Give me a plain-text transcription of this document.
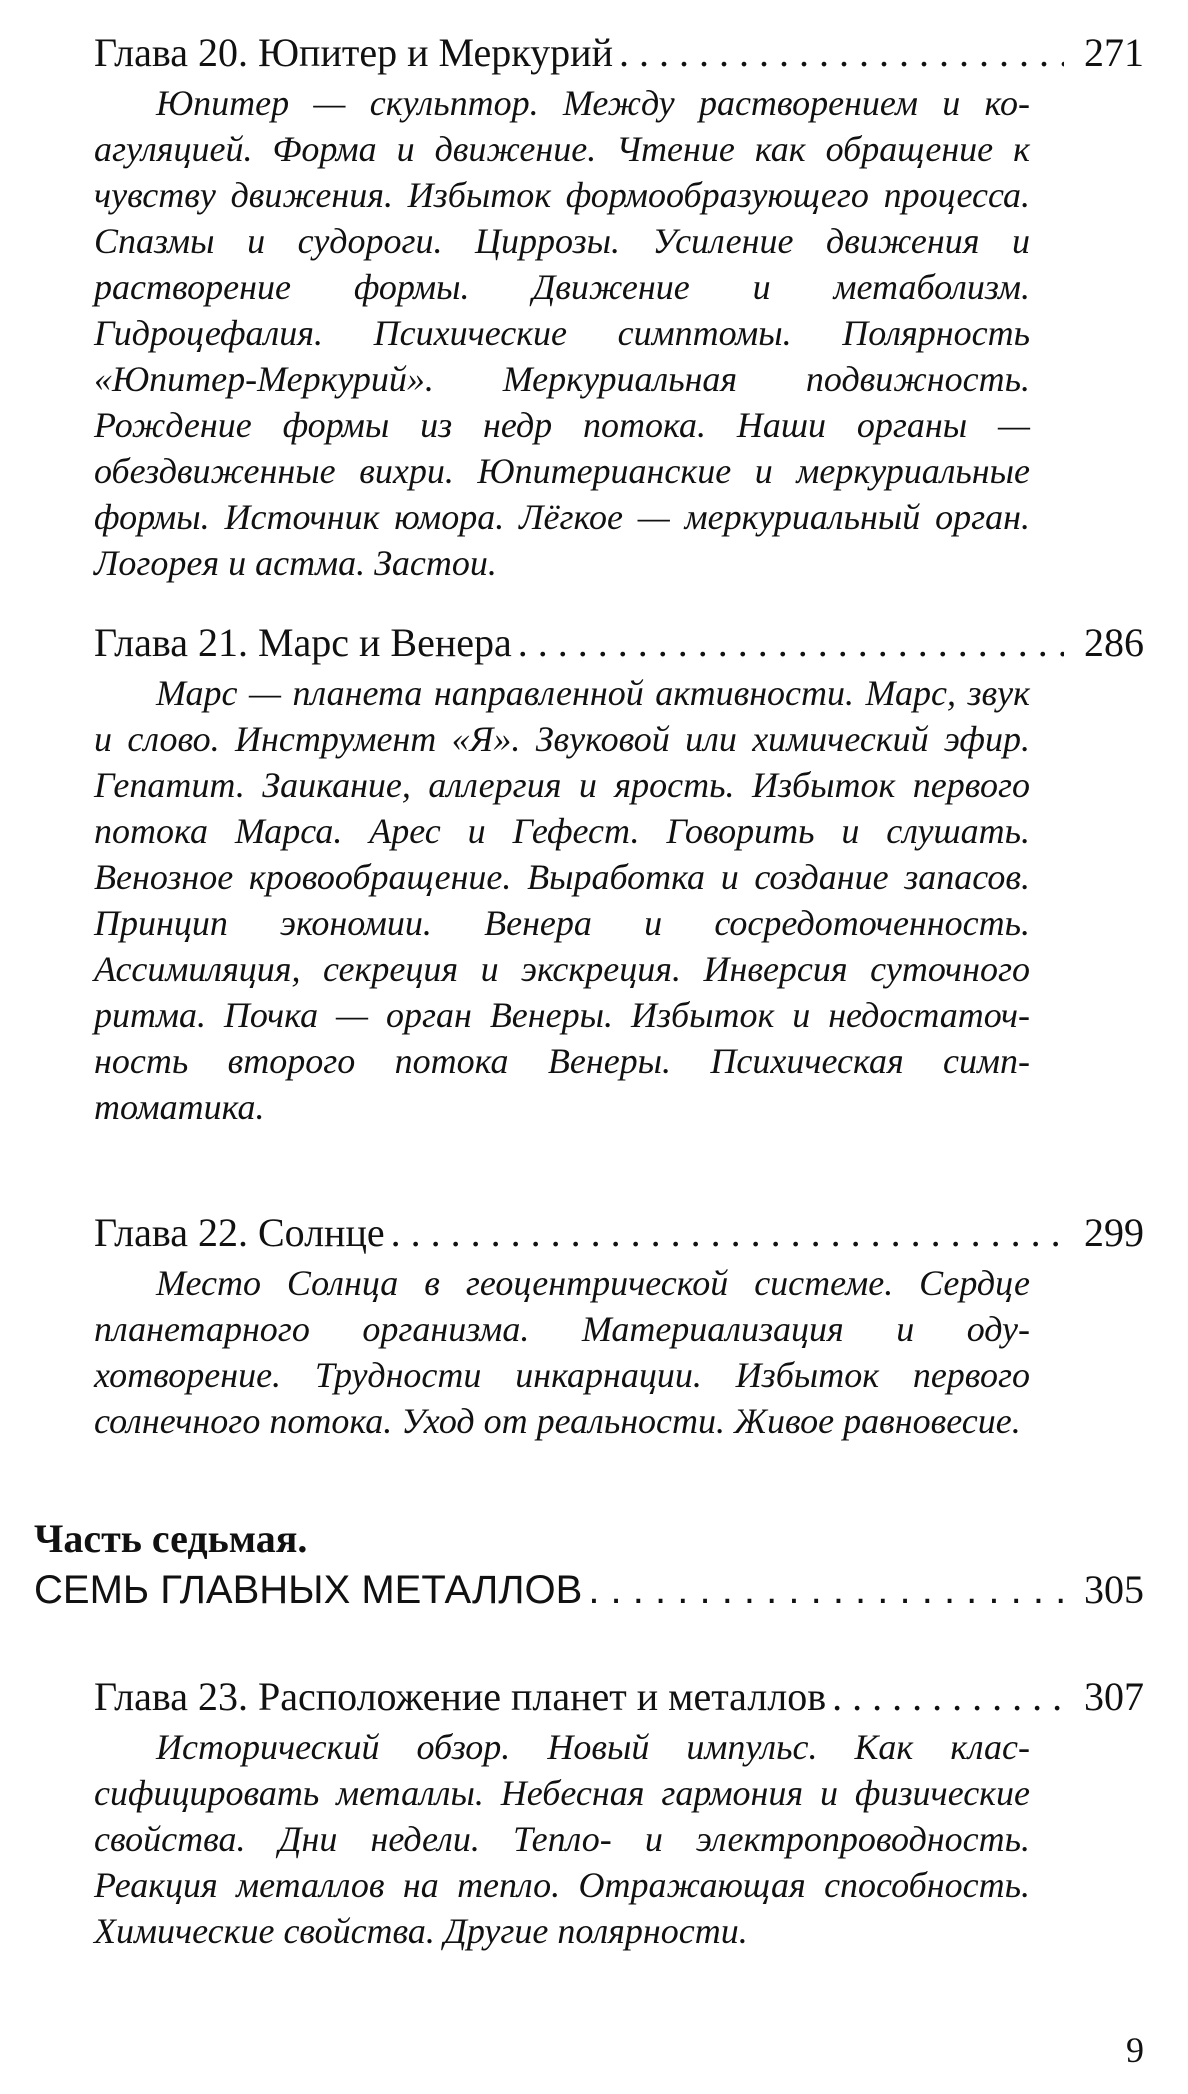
Глава 20. Юпитер и Меркурий . . .	271

Юпитер — скульптор. Между растворением и коагуляцией. Форма и движение. Чтение как обращение к чувству движения. Избыток формообразующего процесса. Спазмы и судороги. Циррозы. Усиление движения и растворение формы. Движение и метаболизм. Гидроцефалия. Психические симптомы. Полярность «Юпитер-Меркурий». Меркуриальная подвижность. Рождение формы из недр потока. Наши органы — обездвиженные вихри. Юпитерианские и меркуриальные формы. Источник юмора. Лёгкое — меркуриальный орган. Логорея и астма. Застои.

Глава 21. Марс и Венера . . .	286

Марс — планета направленной активности. Марс, звук и слово. Инструмент «Я». Звуковой или химический эфир. Гепатит. Заикание, аллергия и ярость. Избыток первого потока Марса. Арес и Гефест. Говорить и слушать. Венозное кровообращение. Выработка и создание запасов. Принцип экономии. Венера и сосредоточенность. Ассимиляция, секреция и экскреция. Инверсия суточного ритма. Почка — орган Венеры. Избыток и недостаточность второго потока Венеры. Психическая симптоматика.

Глава 22. Солнце . . .	299

Место Солнца в геоцентрической системе. Сердце планетарного организма. Материализация и одухотворение. Трудности инкарнации. Избыток первого солнечного потока. Уход от реальности. Живое равновесие.

Часть седьмая.
СЕМЬ ГЛАВНЫХ МЕТАЛЛОВ . . .	305
Глава 23. Расположение планет и металлов . . .	307

Исторический обзор. Новый импульс. Как классифицировать металлы. Небесная гармония и физические свойства. Дни недели. Тепло- и электропроводность. Реакция металлов на тепло. Отражающая способность. Химические свойства. Другие полярности.

9
